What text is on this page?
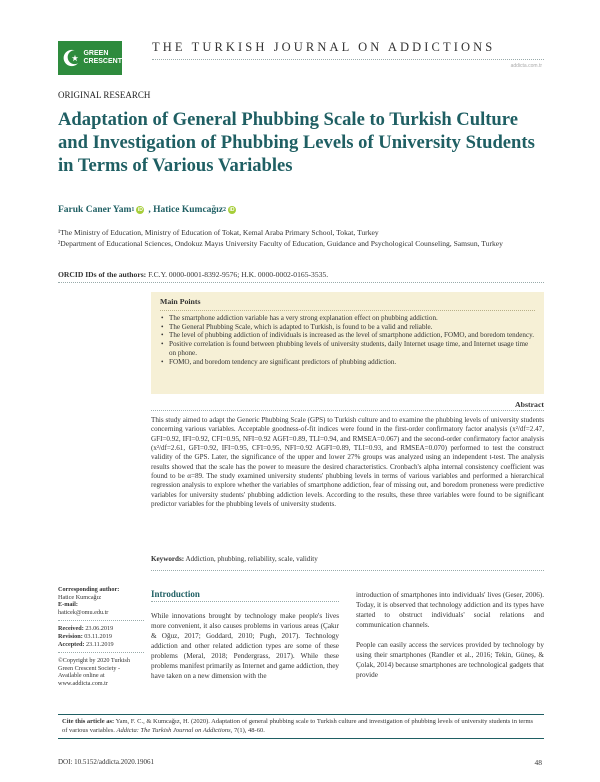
GREEN
CRESCENT
THE TURKISH JOURNAL ON ADDICTIONS
addicta.com.tr
ORIGINAL RESEARCH
Adaptation of General Phubbing Scale to Turkish Culture and Investigation of Phubbing Levels of University Students in Terms of Various Variables
Faruk Caner Yam 1 iD ,
Hatice Kumcağız 2 iD
¹The Ministry of Education, Ministry of Education of Tokat, Kemal Araba Primary School, Tokat, Turkey
²Department of Educational Sciences, Ondokuz Mayıs University Faculty of Education, Guidance and Psychological Counseling, Samsun, Turkey
ORCID IDs of the authors: F.C.Y. 0000-0001-8392-9576; H.K. 0000-0002-0165-3535.
Main Points
• The smartphone addiction variable has a very strong explanation effect on phubbing addiction.
• The General Phubbing Scale, which is adapted to Turkish, is found to be a valid and reliable.
• The level of phubbing addiction of individuals is increased as the level of smartphone addiction, FOMO, and boredom tendency.
• Positive correlation is found between phubbing levels of university students, daily Internet usage time, and Internet usage time on phone.
• FOMO, and boredom tendency are significant predictors of phubbing addiction.
Abstract

This study aimed to adapt the Generic Phubbing Scale (GPS) to Turkish culture and to examine the phubbing levels of university students concerning various variables. Acceptable goodness-of-fit indices were found in the first-order confirmatory factor analysis (x²/df=2.47, GFI=0.92, IFI=0.92, CFI=0.95, NFI=0.92 AGFI=0.89, TLI=0.94, and RMSEA=0.067) and the second-order confirmatory factor analysis (x²/df=2.61, GFI=0.92, IFI=0.95, CFI=0.95, NFI=0.92 AGFI=0.89, TLI=0.93, and RMSEA=0.070) performed to test the construct validity of the GPS. Later, the significance of the upper and lower 27% groups was analyzed using an independent t-test. The analysis results showed that the scale has the power to measure the desired characteristics. Cronbach's alpha internal consistency coefficient was found to be α=89. The study examined university students' phubbing levels in terms of various variables and performed a hierarchical regression analysis to explore whether the variables of smartphone addiction, fear of missing out, and boredom proneness were predictive variables for university students' phubbing addiction levels. According to the results, these three variables were found to be significant predictor variables for the phubbing levels of university students.

Keywords: Addiction, phubbing, reliability, scale, validity
Corresponding author:
Hatice Kumcağız
E-mail:
haticek@omu.edu.tr
Received: 23.06.2019
Revision: 03.11.2019
Accepted: 23.11.2019
©Copyright by 2020 Turkish Green Crescent Society - Available online at www.addicta.com.tr
Introduction

While innovations brought by technology make people's lives more convenient, it also causes problems in various areas (Çakır & Oğuz, 2017; Goddard, 2010; Pugh, 2017). Technology addiction and other related addiction types are some of these problems (Meral, 2018; Pendergrass, 2017). While these problems manifest primarily as Internet and game addiction, they have taken on a new dimension with the

introduction of smartphones into individuals' lives (Geser, 2006). Today, it is observed that technology addiction and its types have started to obstruct individuals' social relations and communication channels.

People can easily access the services provided by technology by using their smartphones (Randler et al., 2016; Tekin, Güneş, & Çolak, 2014) because smartphones are technological gadgets that provide

Cite this article as: Yam, F. C., & Kumcağız, H. (2020). Adaptation of general phubbing scale to Turkish culture and investigation of phubbing levels of university students in terms of various variables. Addicta: The Turkish Journal on Addictions, 7(1), 48-60.
DOI: 10.5152/addicta.2020.19061	48
